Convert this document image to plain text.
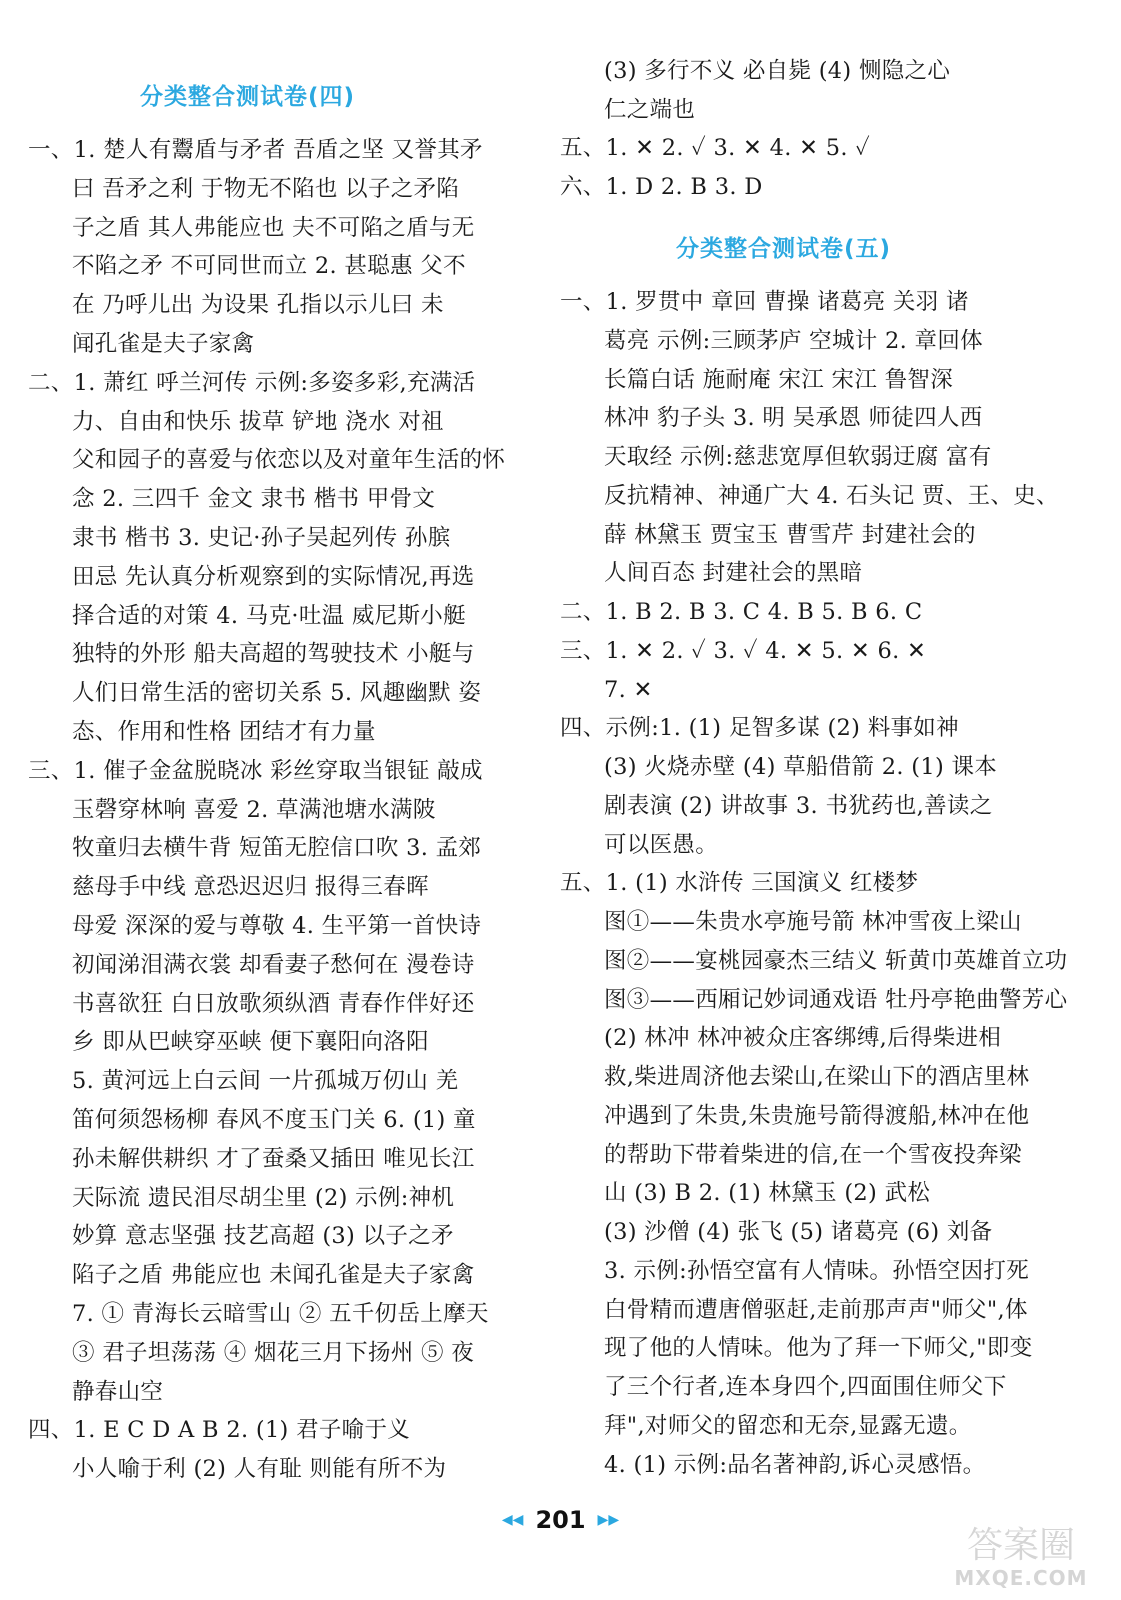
分类整合测试卷(四)
一、1. 楚人有鬻盾与矛者 吾盾之坚 又誉其矛
曰 吾矛之利 于物无不陷也 以子之矛陷
子之盾 其人弗能应也 夫不可陷之盾与无
不陷之矛 不可同世而立 2. 甚聪惠 父不
在 乃呼儿出 为设果 孔指以示儿曰 未
闻孔雀是夫子家禽
二、1. 萧红 呼兰河传 示例:多姿多彩,充满活
力、自由和快乐 拔草 铲地 浇水 对祖
父和园子的喜爱与依恋以及对童年生活的怀
念 2. 三四千 金文 隶书 楷书 甲骨文
隶书 楷书 3. 史记·孙子吴起列传 孙膑
田忌 先认真分析观察到的实际情况,再选
择合适的对策 4. 马克·吐温 威尼斯小艇
独特的外形 船夫高超的驾驶技术 小艇与
人们日常生活的密切关系 5. 风趣幽默 姿
态、作用和性格 团结才有力量
三、1. 催子金盆脱晓冰 彩丝穿取当银钲 敲成
玉磬穿林响 喜爱 2. 草满池塘水满陂
牧童归去横牛背 短笛无腔信口吹 3. 孟郊
慈母手中线 意恐迟迟归 报得三春晖
母爱 深深的爱与尊敬 4. 生平第一首快诗
初闻涕泪满衣裳 却看妻子愁何在 漫卷诗
书喜欲狂 白日放歌须纵酒 青春作伴好还
乡 即从巴峡穿巫峡 便下襄阳向洛阳
5. 黄河远上白云间 一片孤城万仞山 羌
笛何须怨杨柳 春风不度玉门关 6. (1) 童
孙未解供耕织 才了蚕桑又插田 唯见长江
天际流 遗民泪尽胡尘里 (2) 示例:神机
妙算 意志坚强 技艺高超 (3) 以子之矛
陷子之盾 弗能应也 未闻孔雀是夫子家禽
7. ① 青海长云暗雪山 ② 五千仞岳上摩天
③ 君子坦荡荡 ④ 烟花三月下扬州 ⑤ 夜
静春山空
四、1. E C D A B 2. (1) 君子喻于义
小人喻于利 (2) 人有耻 则能有所不为
(3) 多行不义 必自毙 (4) 恻隐之心
仁之端也
五、1. ✕ 2. ✓ 3. ✕ 4. ✕ 5. ✓
六、1. D 2. B 3. D
分类整合测试卷(五)
一、1. 罗贯中 章回 曹操 诸葛亮 关羽 诸
葛亮 示例:三顾茅庐 空城计 2. 章回体
长篇白话 施耐庵 宋江 宋江 鲁智深
林冲 豹子头 3. 明 吴承恩 师徒四人西
天取经 示例:慈悲宽厚但软弱迂腐 富有
反抗精神、神通广大 4. 石头记 贾、王、史、
薛 林黛玉 贾宝玉 曹雪芹 封建社会的
人间百态 封建社会的黑暗
二、1. B 2. B 3. C 4. B 5. B 6. C
三、1. ✕ 2. ✓ 3. ✓ 4. ✕ 5. ✕ 6. ✕
7. ✕
四、示例:1. (1) 足智多谋 (2) 料事如神
(3) 火烧赤壁 (4) 草船借箭 2. (1) 课本
剧表演 (2) 讲故事 3. 书犹药也,善读之
可以医愚。
五、1. (1) 水浒传 三国演义 红楼梦
图①——朱贵水亭施号箭 林冲雪夜上梁山
图②——宴桃园豪杰三结义 斩黄巾英雄首立功
图③——西厢记妙词通戏语 牡丹亭艳曲警芳心
(2) 林冲 林冲被众庄客绑缚,后得柴进相
救,柴进周济他去梁山,在梁山下的酒店里林
冲遇到了朱贵,朱贵施号箭得渡船,林冲在他
的帮助下带着柴进的信,在一个雪夜投奔梁
山 (3) B 2. (1) 林黛玉 (2) 武松
(3) 沙僧 (4) 张飞 (5) 诸葛亮 (6) 刘备
3. 示例:孙悟空富有人情味。孙悟空因打死
白骨精而遭唐僧驱赶,走前那声声"师父",体
现了他的人情味。他为了拜一下师父,"即变
了三个行者,连本身四个,四面围住师父下
拜",对师父的留恋和无奈,显露无遗。
4. (1) 示例:品名著神韵,诉心灵感悟。
◀◀ 201 ▶▶
答案圈
MXQE.COM
